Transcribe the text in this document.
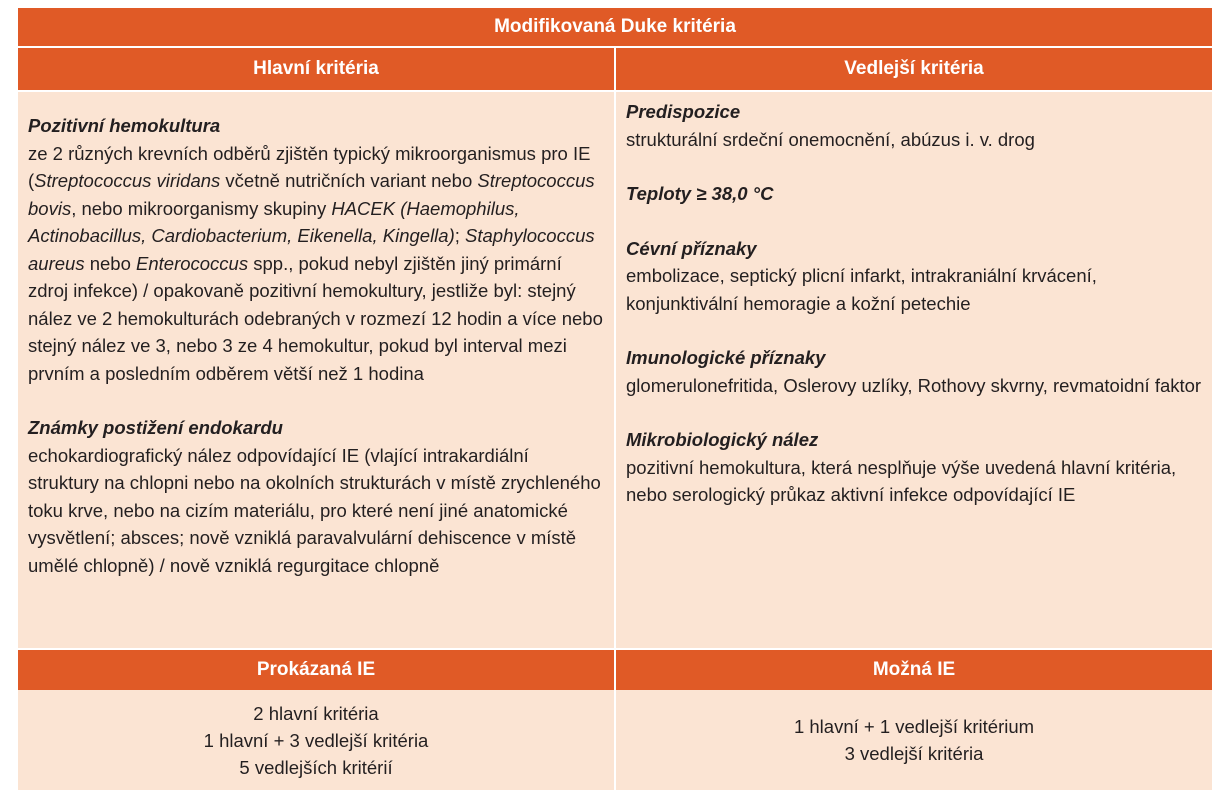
Modifikovaná Duke kritéria
Hlavní kritéria	Vedlejší kritéria
Pozitivní hemokultura
ze 2 různých krevních odběrů zjištěn typický mikroorganismus pro IE (Streptococcus viridans včetně nutričních variant nebo Streptococcus bovis, nebo mikroorganismy skupiny HACEK (Haemophilus, Actinobacillus, Cardiobacterium, Eikenella, Kingella); Staphylococcus aureus nebo Enterococcus spp., pokud nebyl zjištěn jiný primární zdroj infekce) / opakovaně pozitivní hemokultury, jestliže byl: stejný nález ve 2 hemokulturách odebraných v rozmezí 12 hodin a více nebo stejný nález ve 3, nebo 3 ze 4 hemokultur, pokud byl interval mezi prvním a posledním odběrem větší než 1 hodina
Známky postižení endokardu
echokardiografický nález odpovídající IE (vlající intrakardiální struktury na chlopni nebo na okolních strukturách v místě zrychleného toku krve, nebo na cizím materiálu, pro které není jiné anatomické vysvětlení; absces; nově vzniklá paravalvulární dehiscence v místě umělé chlopně) / nově vzniklá regurgitace chlopně
Predispozice
strukturální srdeční onemocnění, abúzus i. v. drog
Teploty ≥ 38,0 °C
Cévní příznaky
embolizace, septický plicní infarkt, intrakraniální krvácení, konjunktivální hemoragie a kožní petechie
Imunologické příznaky
glomerulonefritida, Oslerovy uzlíky, Rothovy skvrny, revmatoidní faktor
Mikrobiologický nález
pozitivní hemokultura, která nesplňuje výše uvedená hlavní kritéria, nebo serologický průkaz aktivní infekce odpovídající IE
Prokázaná IE	Možná IE
2 hlavní kritéria
1 hlavní + 3 vedlejší kritéria
5 vedlejších kritérií
1 hlavní + 1 vedlejší kritérium
3 vedlejší kritéria
